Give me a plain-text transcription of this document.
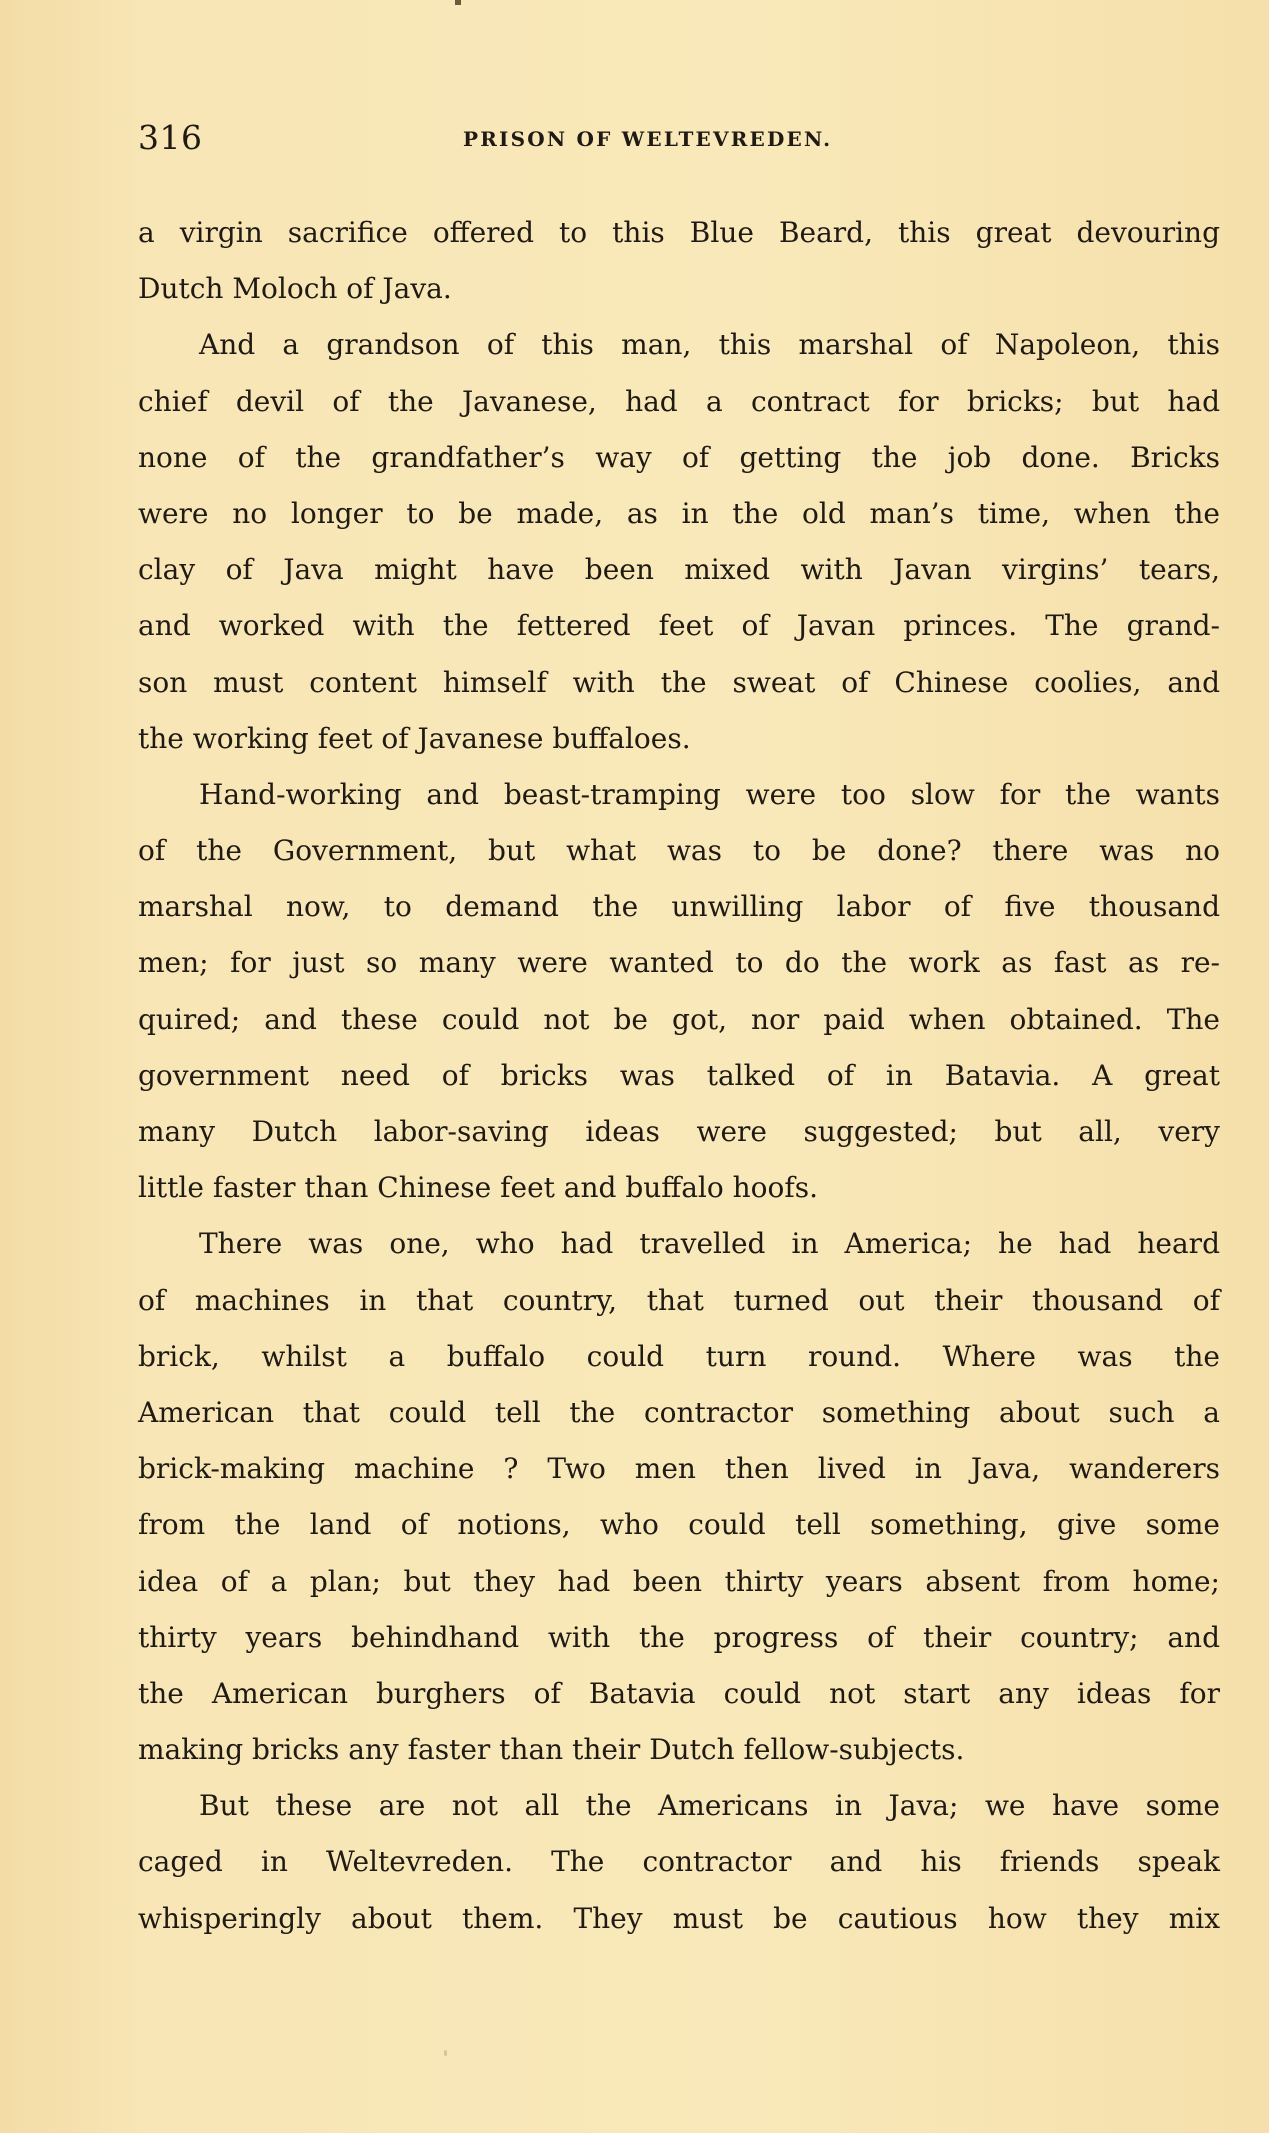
316	PRISON OF WELTEVREDEN.
a virgin sacrifice offered to this Blue Beard, this great devouring
Dutch Moloch of Java.
And a grandson of this man, this marshal of Napoleon, this
chief devil of the Javanese, had a contract for bricks; but had
none of the grandfather’s way of getting the job done. Bricks
were no longer to be made, as in the old man’s time, when the
clay of Java might have been mixed with Javan virgins’ tears,
and worked with the fettered feet of Javan princes. The grand-
son must content himself with the sweat of Chinese coolies, and
the working feet of Javanese buffaloes.
Hand-working and beast-tramping were too slow for the wants
of the Government, but what was to be done? there was no
marshal now, to demand the unwilling labor of five thousand
men; for just so many were wanted to do the work as fast as re-
quired; and these could not be got, nor paid when obtained. The
government need of bricks was talked of in Batavia. A great
many Dutch labor-saving ideas were suggested; but all, very
little faster than Chinese feet and buffalo hoofs.
There was one, who had travelled in America; he had heard
of machines in that country, that turned out their thousand of
brick, whilst a buffalo could turn round. Where was the
American that could tell the contractor something about such a
brick-making machine ? Two men then lived in Java, wanderers
from the land of notions, who could tell something, give some
idea of a plan; but they had been thirty years absent from home;
thirty years behindhand with the progress of their country; and
the American burghers of Batavia could not start any ideas for
making bricks any faster than their Dutch fellow-subjects.
But these are not all the Americans in Java; we have some
caged in Weltevreden. The contractor and his friends speak
whisperingly about them. They must be cautious how they mix
